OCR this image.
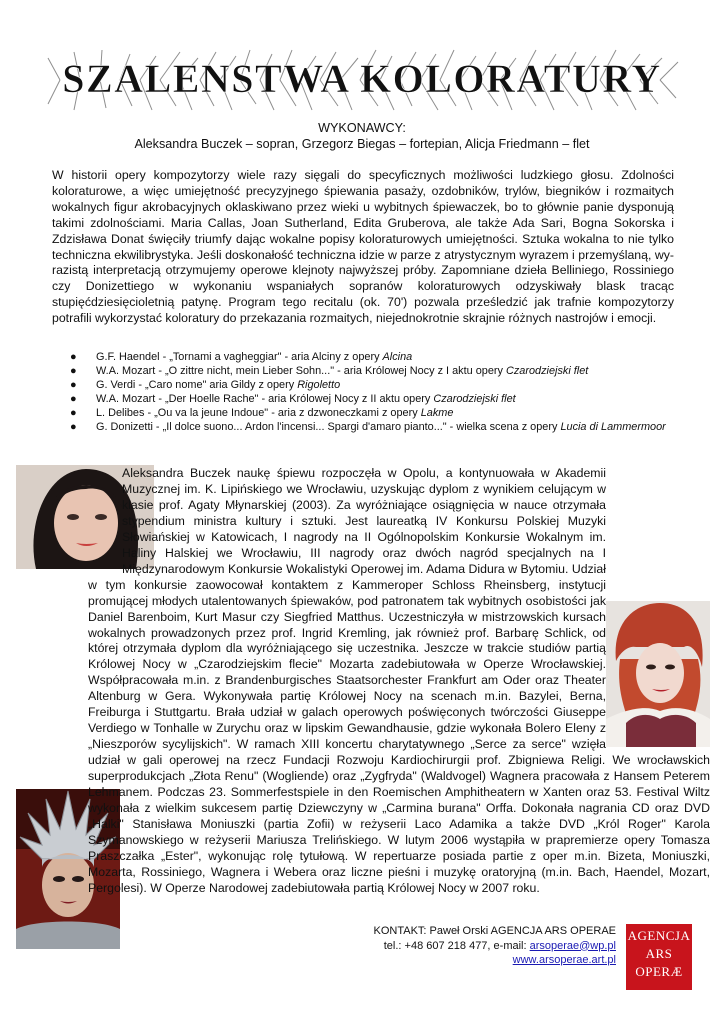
SZALENSTWA KOLORATURY
WYKONAWCY:
Aleksandra Buczek – sopran, Grzegorz Biegas – fortepian, Alicja Friedmann – flet

W historii opery kompozytorzy wiele razy sięgali do specyficznych możliwości ludzkiego głosu. Zdolności koloraturowe, a więc umiejętność precyzyjnego śpiewania pasaży, ozdobników, trylów, biegników i rozmaitych wokalnych figur akrobacyjnych oklaskiwano przez wieki u wybitnych śpiewaczek, bo to głównie panie dysponują takimi zdolnościami. Maria Callas, Joan Sutherland, Edita Gruberova, ale także Ada Sari, Bogna Sokorska i Zdzisława Donat święciły triumfy dając wokalne popisy koloraturowych umiejętności. Sztuka wokalna to nie tylko techniczna ekwilibrystyka. Jeśli doskonałość techniczna idzie w parze z atrystycznym wyrazem i przemyślaną, wy-razistą interpretacją otrzymujemy operowe klejnoty najwyższej próby. Zapomniane dzieła Belliniego, Rossiniego czy Donizettiego w wykonaniu wspaniałych sopranów koloraturowych odzyskiwały blask tracąc stupięćdziesięcioletnią patynę. Program tego recitalu (ok. 70') pozwala prześledzić jak trafnie kompozytorzy potrafili wykorzystać koloratury do przekazania rozmaitych, niejednokrotnie skrajnie różnych nastrojów i emocji.

● G.F. Haendel - „Tornami a vagheggiar" - aria Alciny z opery Alcina
● W.A. Mozart - „O zittre nicht, mein Lieber Sohn..." - aria Królowej Nocy z I aktu opery Czarodziejski flet
● G. Verdi - „Caro nome" aria Gildy z opery Rigoletto
● W.A. Mozart - „Der Hoelle Rache" - aria Królowej Nocy z II aktu opery Czarodziejski flet
● L. Delibes - „Ou va la jeune Indoue" - aria z dzwoneczkami z opery Lakme
● G. Donizetti - „Il dolce suono... Ardon l'incensi... Spargi d'amaro pianto..." - wielka scena z opery Lucia di Lammermoor

Aleksandra Buczek naukę śpiewu rozpoczęła w Opolu, a kontynuowała w Akademii Muzycznej im. K. Lipińskiego we Wrocławiu, uzyskując dyplom z wynikiem celującym w klasie prof. Agaty Młynarskiej (2003). Za wyróżniające osiągnięcia w nauce otrzymała stypendium ministra kultury i sztuki. Jest laureatką IV Konkursu Polskiej Muzyki Słowiańskiej w Katowicach, I nagrody na II Ogólnopolskim Konkursie Wokalnym im. Haliny Halskiej we Wrocławiu, III nagrody oraz dwóch nagród specjalnych na I Międzynarodowym Konkursie Wokalistyki Operowej im. Adama Didura w Bytomiu. Udział w tym konkursie zaowocował kontaktem z Kammeroper Schloss Rheinsberg, instytucji promującej młodych utalentowanych śpiewaków, pod patronatem tak wybitnych osobistości jak Daniel Barenboim, Kurt Masur czy Siegfried Matthus. Uczestniczyła w mistrzowskich kursach wokalnych prowadzonych przez prof. Ingrid Kremling, jak również prof. Barbarę Schlick, od której otrzymała dyplom dla wyróżniającego się uczestnika. Jeszcze w trakcie studiów partią Królowej Nocy w „Czarodziejskim flecie" Mozarta zadebiutowała w Operze Wrocławskiej. Współpracowała m.in. z Brandenburgisches Staatsorchester Frankfurt am Oder oraz Theater Altenburg w Gera. Wykonywała partię Królowej Nocy na scenach m.in. Bazylei, Berna, Freiburga i Stuttgartu. Brała udział w galach operowych poświęconych twórczości Giuseppe Verdiego w Tonhalle w Zurychu oraz w lipskim Gewandhausie, gdzie wykonała Bolero Eleny z „Nieszporów sycylijskich". W ramach XIII koncertu charytatywnego „Serce za serce" wzięła udział w gali operowej na rzecz Fundacji Rozwoju Kardiochirurgii prof. Zbigniewa Religi. We wrocławskich superprodukcjach „Złota Renu" (Wogliende) oraz „Zygfryda" (Waldvogel) Wagnera pracowała z Hansem Peterem Lehmanem. Podczas 23. Sommerfestspiele in den Roemischen Amphitheatern w Xanten oraz 53. Festival Wiltz wykonała z wielkim sukcesem partię Dziewczyny w „Carmina burana" Orffa. Dokonała nagrania CD oraz DVD „Halki" Stanisława Moniuszki (partia Zofii) w reżyserii Laco Adamika a także DVD „Król Roger" Karola Szymanowskiego w reżyserii Mariusza Trelińskiego. W lutym 2006 wystąpiła w prapremierze opery Tomasza Praszczałka „Ester", wykonując rolę tytułową. W repertuarze posiada partie z oper m.in. Bizeta, Moniuszki, Mozarta, Rossiniego, Wagnera i Webera oraz liczne pieśni i muzykę oratoryjną (m.in. Bach, Haendel, Mozart, Pergolesi). W Operze Narodowej zadebiutowała partią Królowej Nocy w 2007 roku.

KONTAKT: Paweł Orski AGENCJA ARS OPERAE
tel.: +48 607 218 477, e-mail: arsoperae@wp.pl
www.arsoperae.art.pl
AGENCJA
ARS
OPERÆ
